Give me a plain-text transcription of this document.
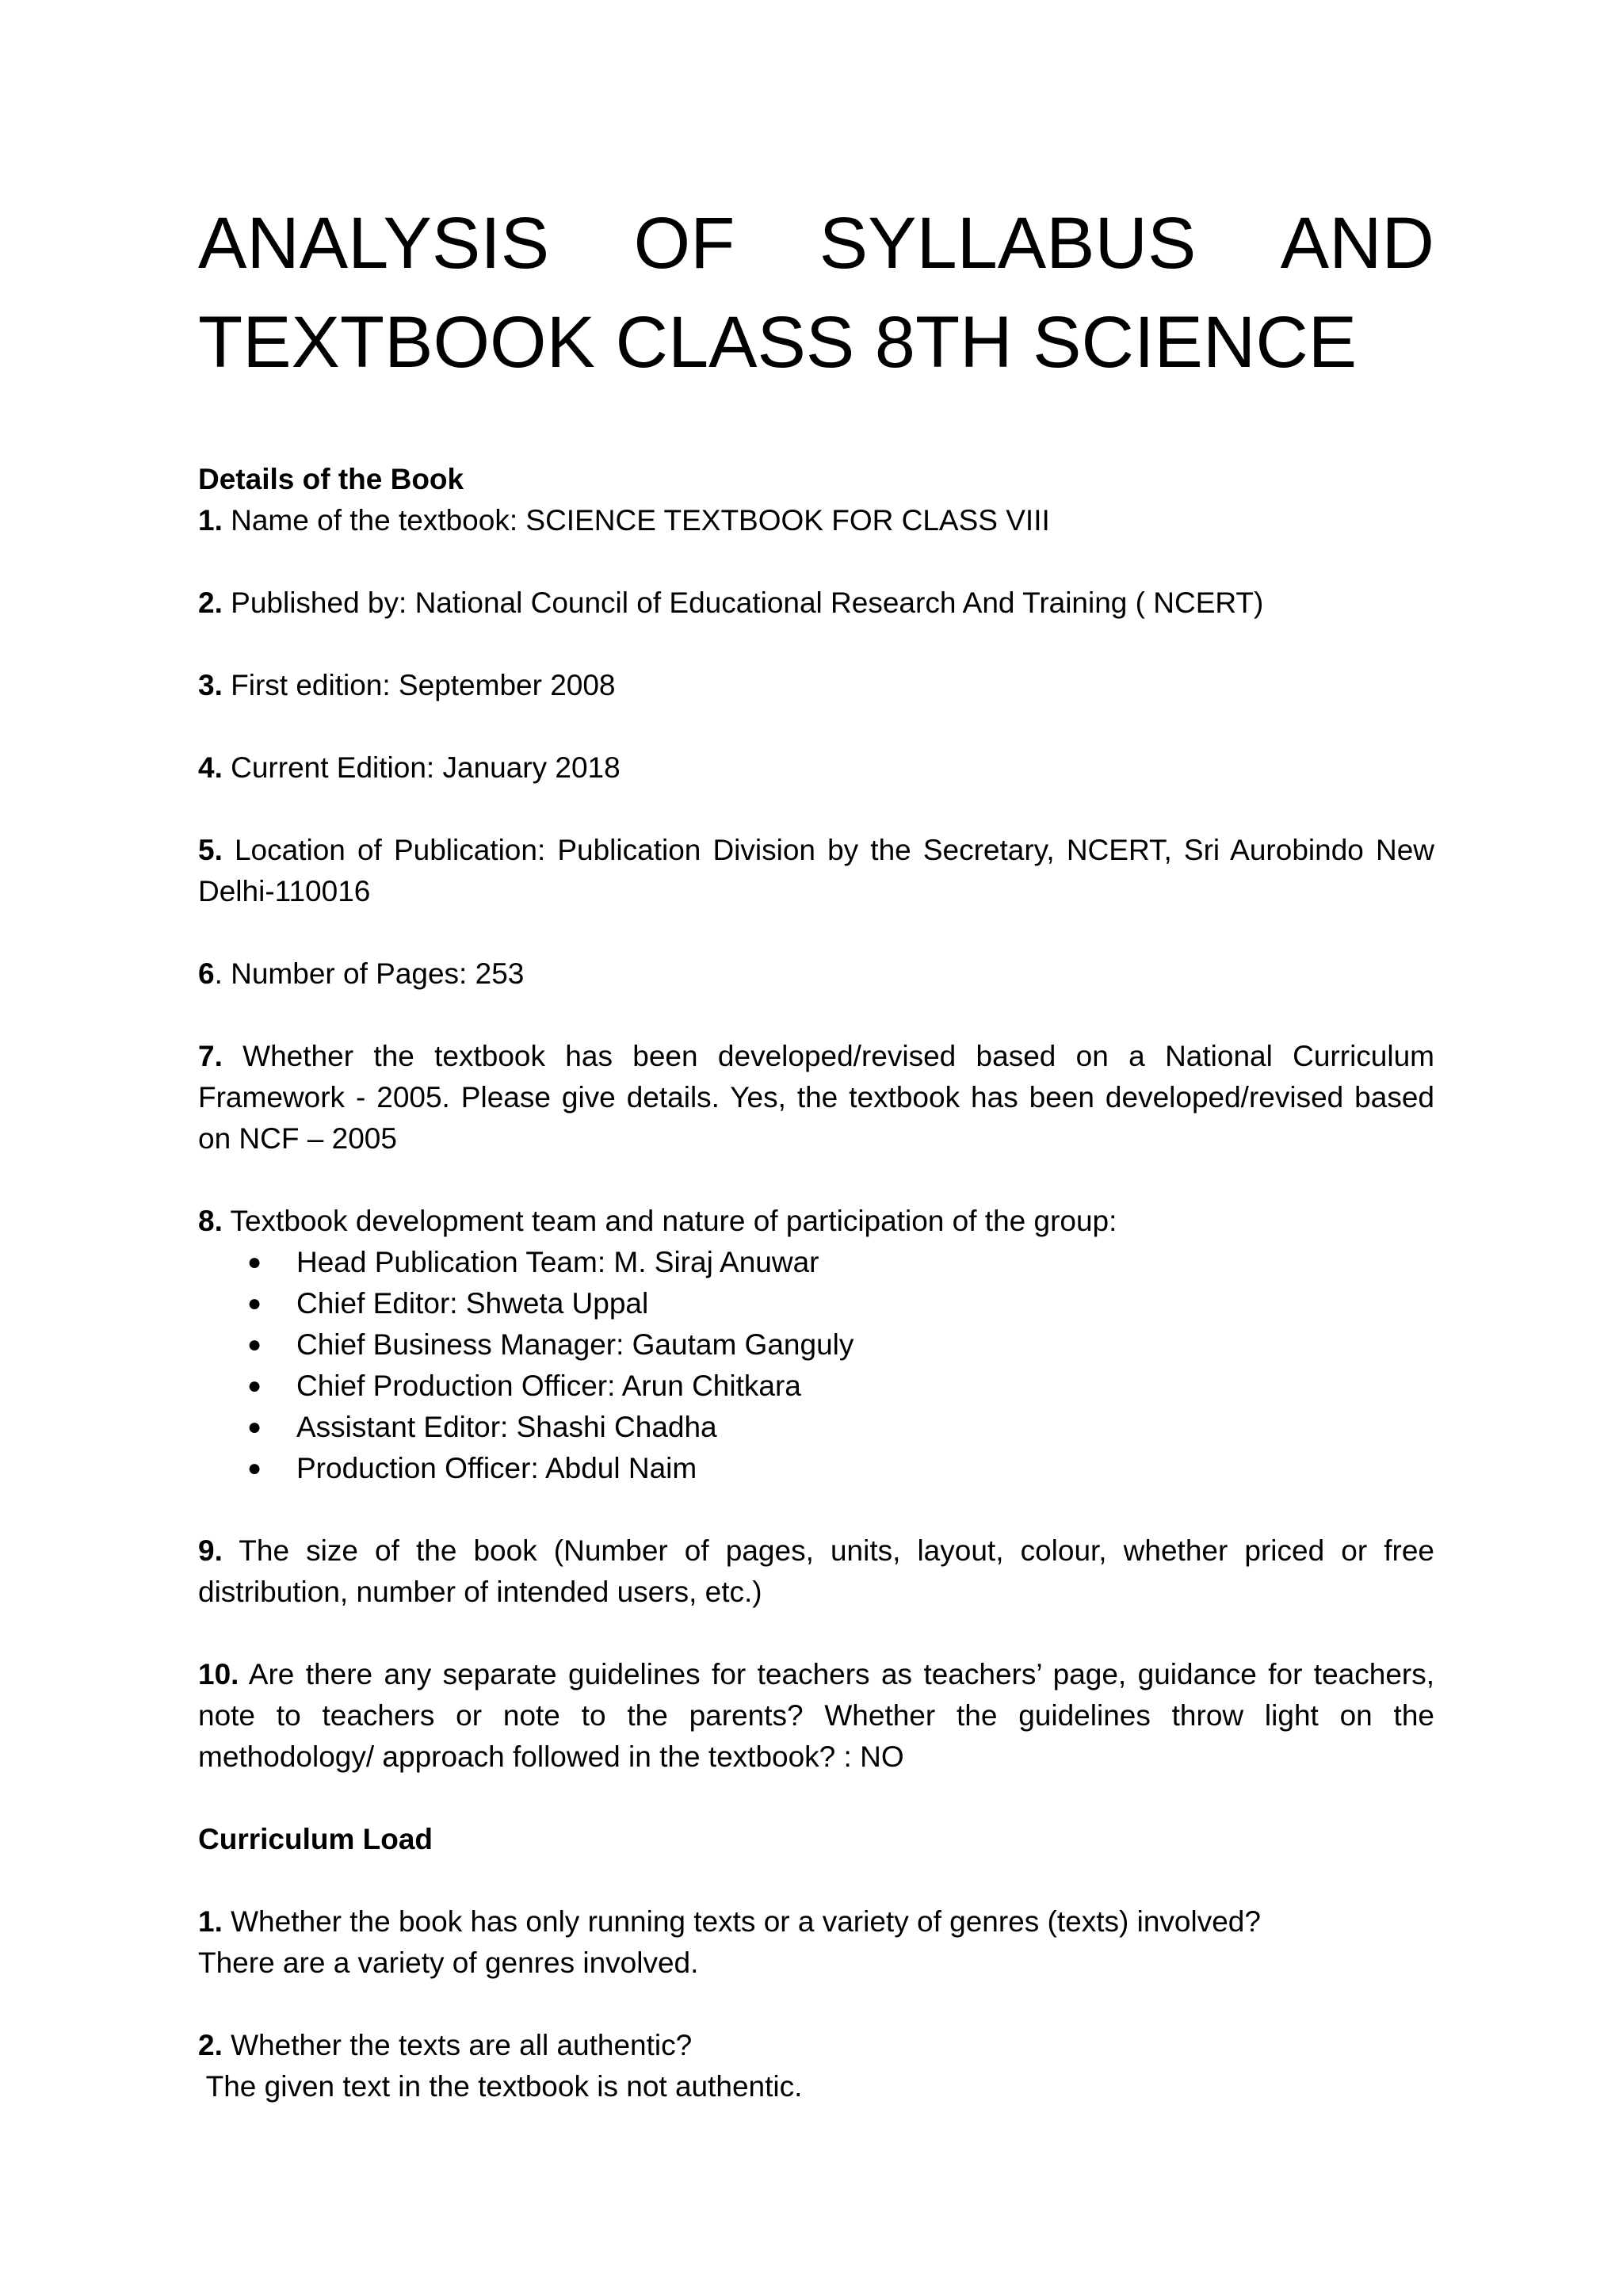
ANALYSIS OF SYLLABUS AND
TEXTBOOK CLASS 8TH SCIENCE

Details of the Book

1. Name of the textbook: SCIENCE TEXTBOOK FOR CLASS VIII

2. Published by: National Council of Educational Research And Training ( NCERT)

3. First edition: September 2008

4. Current Edition: January 2018

5. Location of Publication: Publication Division by the Secretary, NCERT, Sri Aurobindo New Delhi-110016

6. Number of Pages: 253

7. Whether the textbook has been developed/revised based on a National Curriculum Framework - 2005. Please give details. Yes, the textbook has been developed/revised based on NCF – 2005

8. Textbook development team and nature of participation of the group:

● Head Publication Team: M. Siraj Anuwar
● Chief Editor: Shweta Uppal
● Chief Business Manager: Gautam Ganguly
● Chief Production Officer: Arun Chitkara
● Assistant Editor: Shashi Chadha
● Production Officer: Abdul Naim

9. The size of the book (Number of pages, units, layout, colour, whether priced or free distribution, number of intended users, etc.)

10. Are there any separate guidelines for teachers as teachers’ page, guidance for teachers, note to teachers or note to the parents? Whether the guidelines throw light on the methodology/ approach followed in the textbook? : NO

Curriculum Load

1. Whether the book has only running texts or a variety of genres (texts) involved?

There are a variety of genres involved.

2. Whether the texts are all authentic?

The given text in the textbook is not authentic.
